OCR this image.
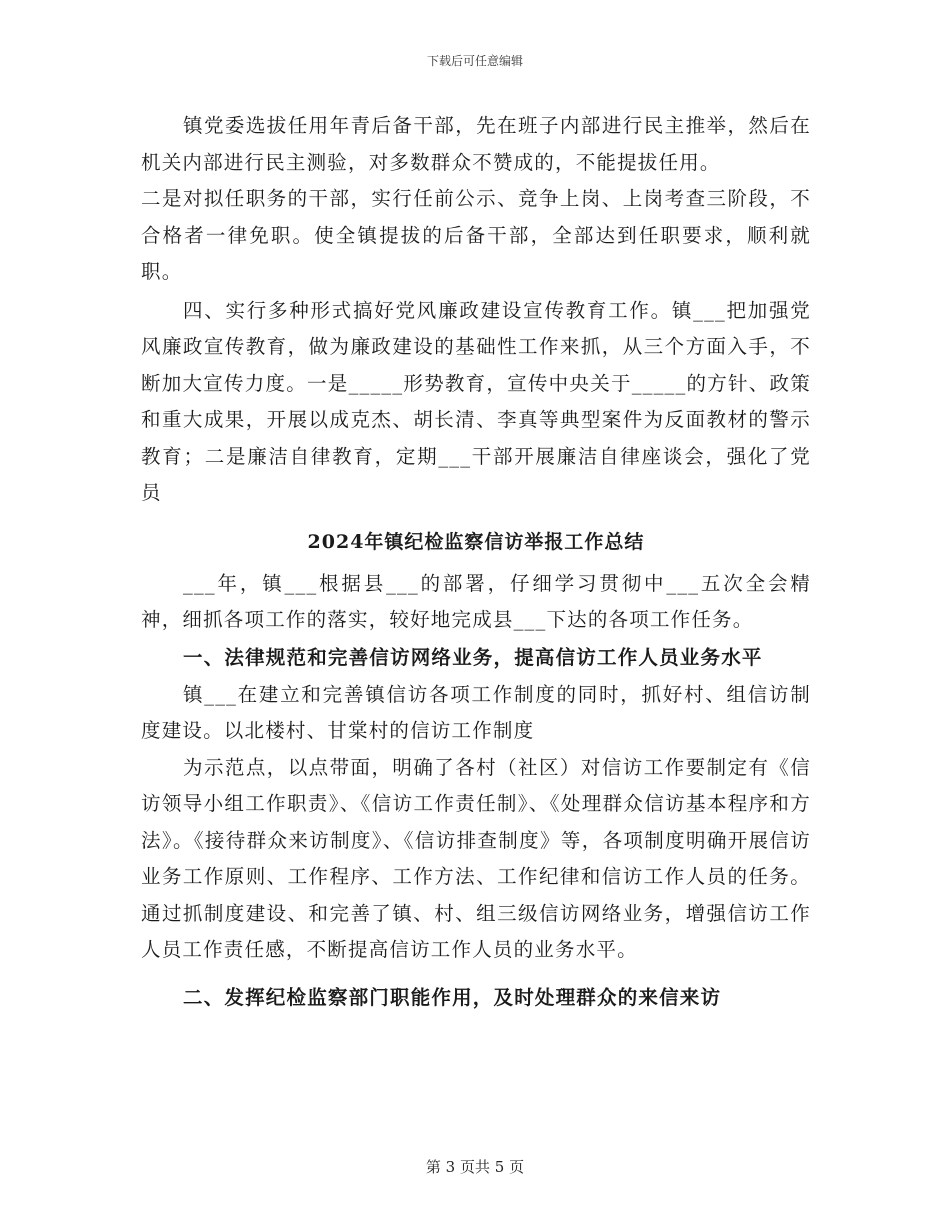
下载后可任意编辑

镇党委选拔任用年青后备干部，先在班子内部进行民主推举，然后在机关内部进行民主测验，对多数群众不赞成的，不能提拔任用。

二是对拟任职务的干部，实行任前公示、竞争上岗、上岗考查三阶段，不合格者一律免职。使全镇提拔的后备干部，全部达到任职要求，顺利就职。

四、实行多种形式搞好党风廉政建设宣传教育工作。镇___把加强党风廉政宣传教育，做为廉政建设的基础性工作来抓，从三个方面入手，不断加大宣传力度。一是_____形势教育，宣传中央关于_____的方针、政策和重大成果，开展以成克杰、胡长清、李真等典型案件为反面教材的警示教育；二是廉洁自律教育，定期___干部开展廉洁自律座谈会，强化了党员

2024年镇纪检监察信访举报工作总结

___年，镇___根据县___的部署，仔细学习贯彻中___五次全会精神，细抓各项工作的落实，较好地完成县___下达的各项工作任务。

一、法律规范和完善信访网络业务，提高信访工作人员业务水平

镇___在建立和完善镇信访各项工作制度的同时，抓好村、组信访制度建设。以北楼村、甘棠村的信访工作制度

为示范点，以点带面，明确了各村（社区）对信访工作要制定有《信访领导小组工作职责》、《信访工作责任制》、《处理群众信访基本程序和方法》。《接待群众来访制度》、《信访排查制度》等，各项制度明确开展信访业务工作原则、工作程序、工作方法、工作纪律和信访工作人员的任务。通过抓制度建设、和完善了镇、村、组三级信访网络业务，增强信访工作人员工作责任感，不断提高信访工作人员的业务水平。

二、发挥纪检监察部门职能作用，及时处理群众的来信来访

第 3 页共 5 页
